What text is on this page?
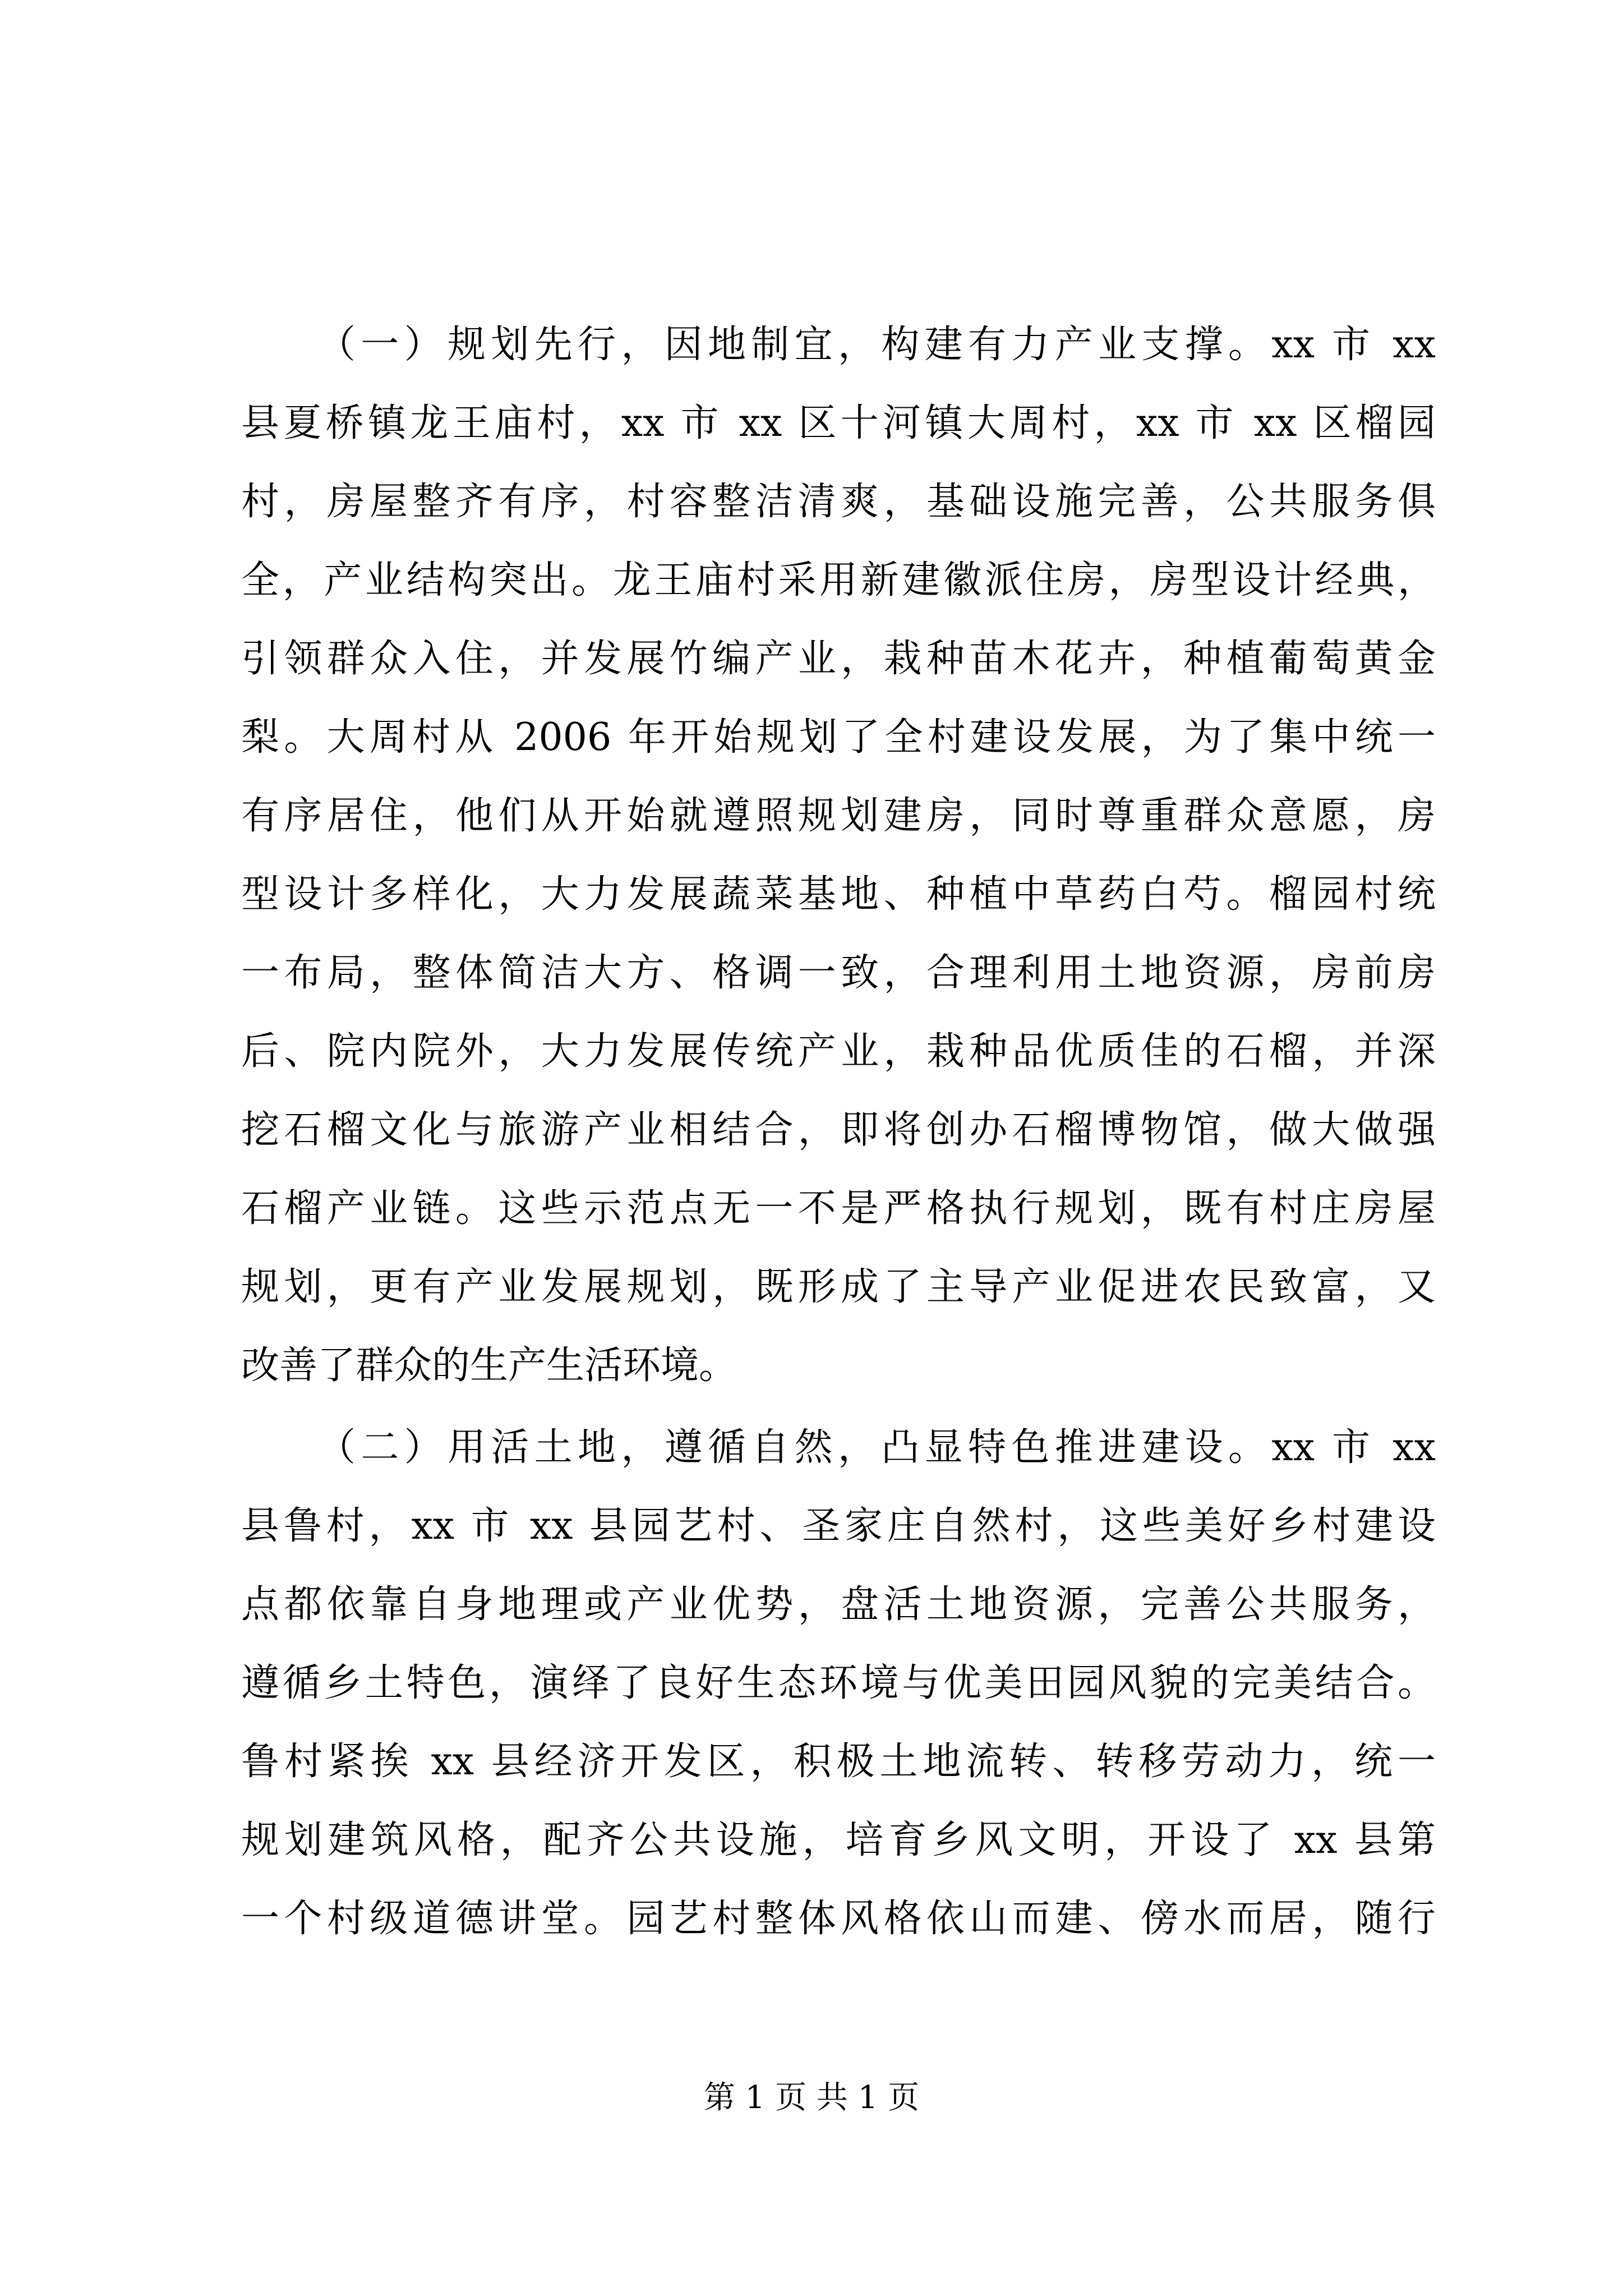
（一）规划先行，因地制宜，构建有力产业支撑。xx 市 xx
县夏桥镇龙王庙村，xx 市 xx 区十河镇大周村，xx 市 xx 区榴园
村，房屋整齐有序，村容整洁清爽，基础设施完善，公共服务俱
全，产业结构突出。龙王庙村采用新建徽派住房，房型设计经典，
引领群众入住，并发展竹编产业，栽种苗木花卉，种植葡萄黄金
梨。大周村从 2006 年开始规划了全村建设发展，为了集中统一
有序居住，他们从开始就遵照规划建房，同时尊重群众意愿，房
型设计多样化，大力发展蔬菜基地、种植中草药白芍。榴园村统
一布局，整体简洁大方、格调一致，合理利用土地资源，房前房
后、院内院外，大力发展传统产业，栽种品优质佳的石榴，并深
挖石榴文化与旅游产业相结合，即将创办石榴博物馆，做大做强
石榴产业链。这些示范点无一不是严格执行规划，既有村庄房屋
规划，更有产业发展规划，既形成了主导产业促进农民致富，又
改善了群众的生产生活环境。
（二）用活土地，遵循自然，凸显特色推进建设。xx 市 xx
县鲁村，xx 市 xx 县园艺村、圣家庄自然村，这些美好乡村建设
点都依靠自身地理或产业优势，盘活土地资源，完善公共服务，
遵循乡土特色，演绎了良好生态环境与优美田园风貌的完美结合。
鲁村紧挨 xx 县经济开发区，积极土地流转、转移劳动力，统一
规划建筑风格，配齐公共设施，培育乡风文明，开设了 xx 县第
一个村级道德讲堂。园艺村整体风格依山而建、傍水而居，随行
第 1 页 共 1 页
